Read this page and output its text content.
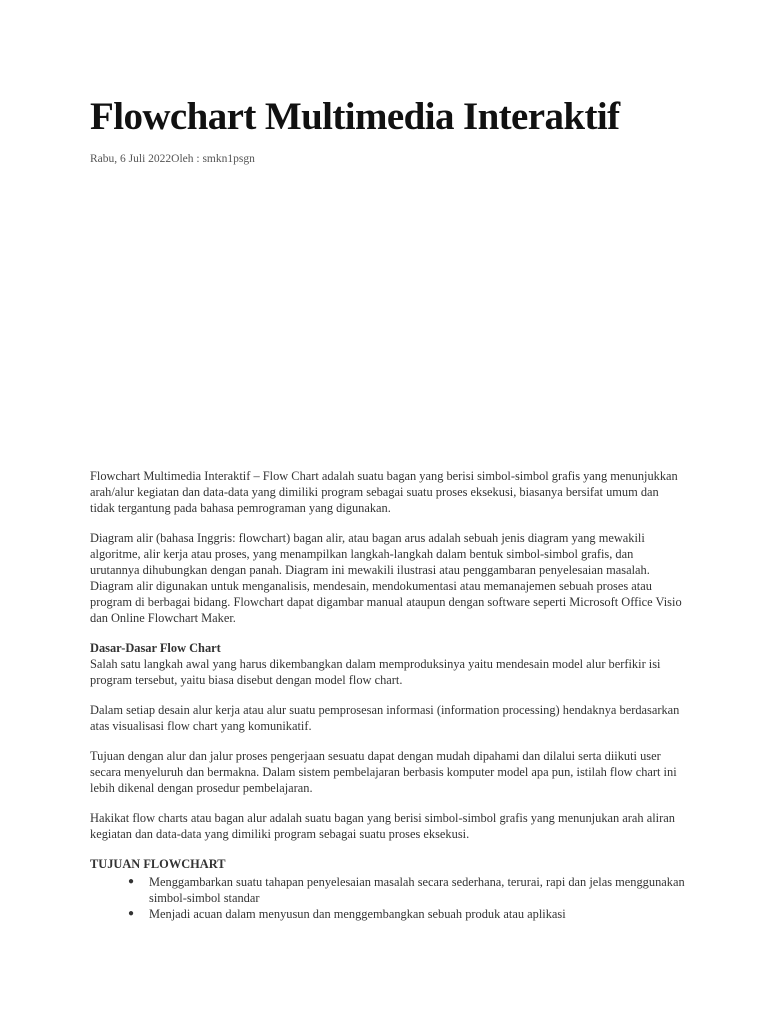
Flowchart Multimedia Interaktif
Rabu, 6 Juli 2022Oleh : smkn1psgn

Flowchart Multimedia Interaktif – Flow Chart adalah suatu bagan yang berisi simbol-simbol grafis yang menunjukkan arah/alur kegiatan dan data-data yang dimiliki program sebagai suatu proses eksekusi, biasanya bersifat umum dan tidak tergantung pada bahasa pemrograman yang digunakan.

Diagram alir (bahasa Inggris: flowchart) bagan alir, atau bagan arus adalah sebuah jenis diagram yang mewakili algoritme, alir kerja atau proses, yang menampilkan langkah-langkah dalam bentuk simbol-simbol grafis, dan urutannya dihubungkan dengan panah. Diagram ini mewakili ilustrasi atau penggambaran penyelesaian masalah. Diagram alir digunakan untuk menganalisis, mendesain, mendokumentasi atau memanajemen sebuah proses atau program di berbagai bidang. Flowchart dapat digambar manual ataupun dengan software seperti Microsoft Office Visio dan Online Flowchart Maker.

Dasar-Dasar Flow Chart

Salah satu langkah awal yang harus dikembangkan dalam memproduksinya yaitu mendesain model alur berfikir isi program tersebut, yaitu biasa disebut dengan model flow chart.

Dalam setiap desain alur kerja atau alur suatu pemprosesan informasi (information processing) hendaknya berdasarkan atas visualisasi flow chart yang komunikatif.

Tujuan dengan alur dan jalur proses pengerjaan sesuatu dapat dengan mudah dipahami dan dilalui serta diikuti user secara menyeluruh dan bermakna. Dalam sistem pembelajaran berbasis komputer model apa pun, istilah flow chart ini lebih dikenal dengan prosedur pembelajaran.

Hakikat flow charts atau bagan alur adalah suatu bagan yang berisi simbol-simbol grafis yang menunjukan arah aliran kegiatan dan data-data yang dimiliki program sebagai suatu proses eksekusi.

TUJUAN FLOWCHART
● Menggambarkan suatu tahapan penyelesaian masalah secara sederhana, terurai, rapi dan jelas menggunakan simbol-simbol standar
● Menjadi acuan dalam menyusun dan menggembangkan sebuah produk atau aplikasi
